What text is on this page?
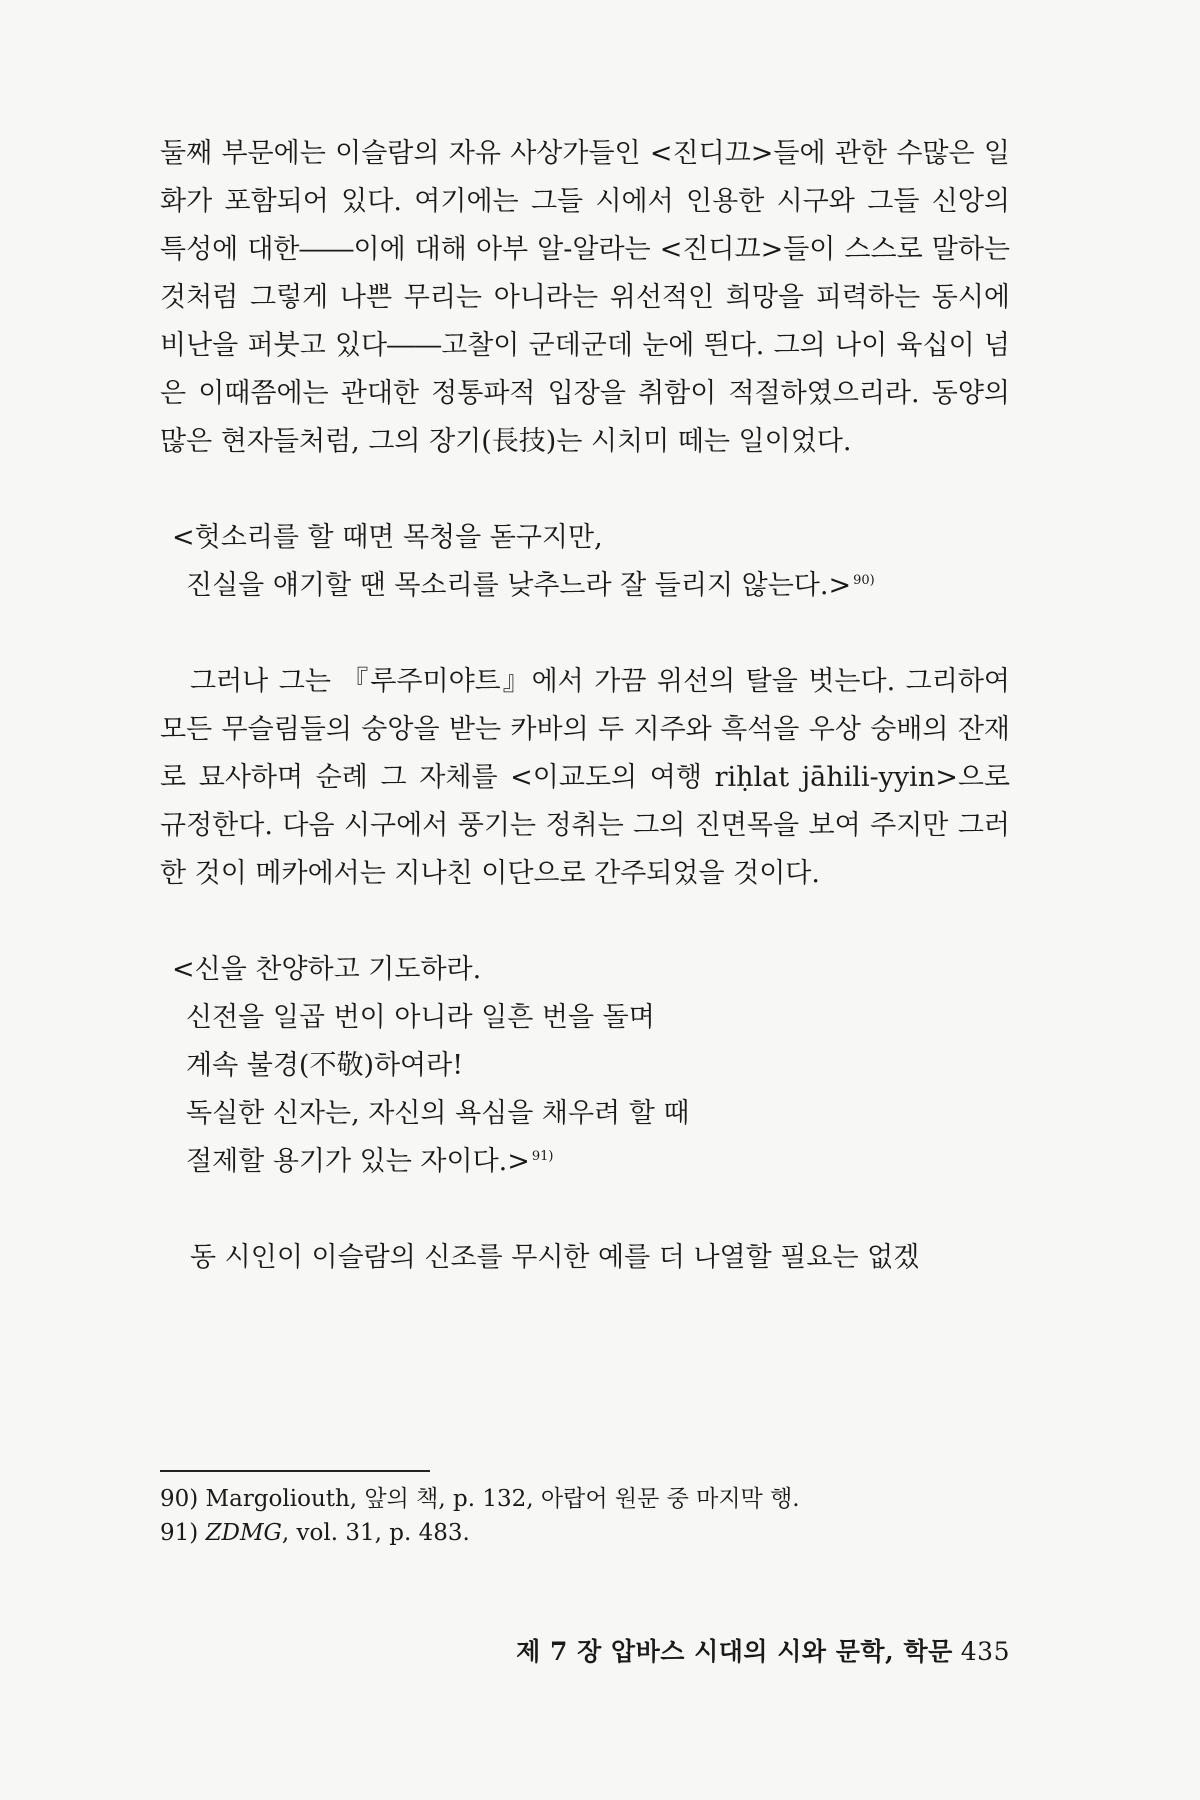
둘째 부문에는 이슬람의 자유 사상가들인 <진디끄>들에 관한 수많은 일화가 포함되어 있다. 여기에는 그들 시에서 인용한 시구와 그들 신앙의 특성에 대한――이에 대해 아부 알-알라는 <진디끄>들이 스스로 말하는 것처럼 그렇게 나쁜 무리는 아니라는 위선적인 희망을 피력하는 동시에 비난을 퍼붓고 있다――고찰이 군데군데 눈에 띈다. 그의 나이 육십이 넘은 이때쯤에는 관대한 정통파적 입장을 취함이 적절하였으리라. 동양의 많은 현자들처럼, 그의 장기(長技)는 시치미 떼는 일이었다.

<헛소리를 할 때면 목청을 돋구지만,
진실을 얘기할 땐 목소리를 낮추느라 잘 들리지 않는다.> $^{90)}$

그러나 그는 『루주미야트』에서 가끔 위선의 탈을 벗는다. 그리하여 모든 무슬림들의 숭앙을 받는 카바의 두 지주와 흑석을 우상 숭배의 잔재로 묘사하며 순례 그 자체를 <이교도의 여행 riḥlat jāhili-yyin>으로 규정한다. 다음 시구에서 풍기는 정취는 그의 진면목을 보여 주지만 그러한 것이 메카에서는 지나친 이단으로 간주되었을 것이다.

<신을 찬양하고 기도하라.
신전을 일곱 번이 아니라 일흔 번을 돌며
계속 불경(不敬)하여라!
독실한 신자는, 자신의 욕심을 채우려 할 때
절제할 용기가 있는 자이다.> $^{91)}$

동 시인이 이슬람의 신조를 무시한 예를 더 나열할 필요는 없겠

90) Margoliouth, 앞의 책, p. 132, 아랍어 원문 중 마지막 행.
91) ZDMG, vol. 31, p. 483.
제 7 장 압바스 시대의 시와 문학, 학문 435
